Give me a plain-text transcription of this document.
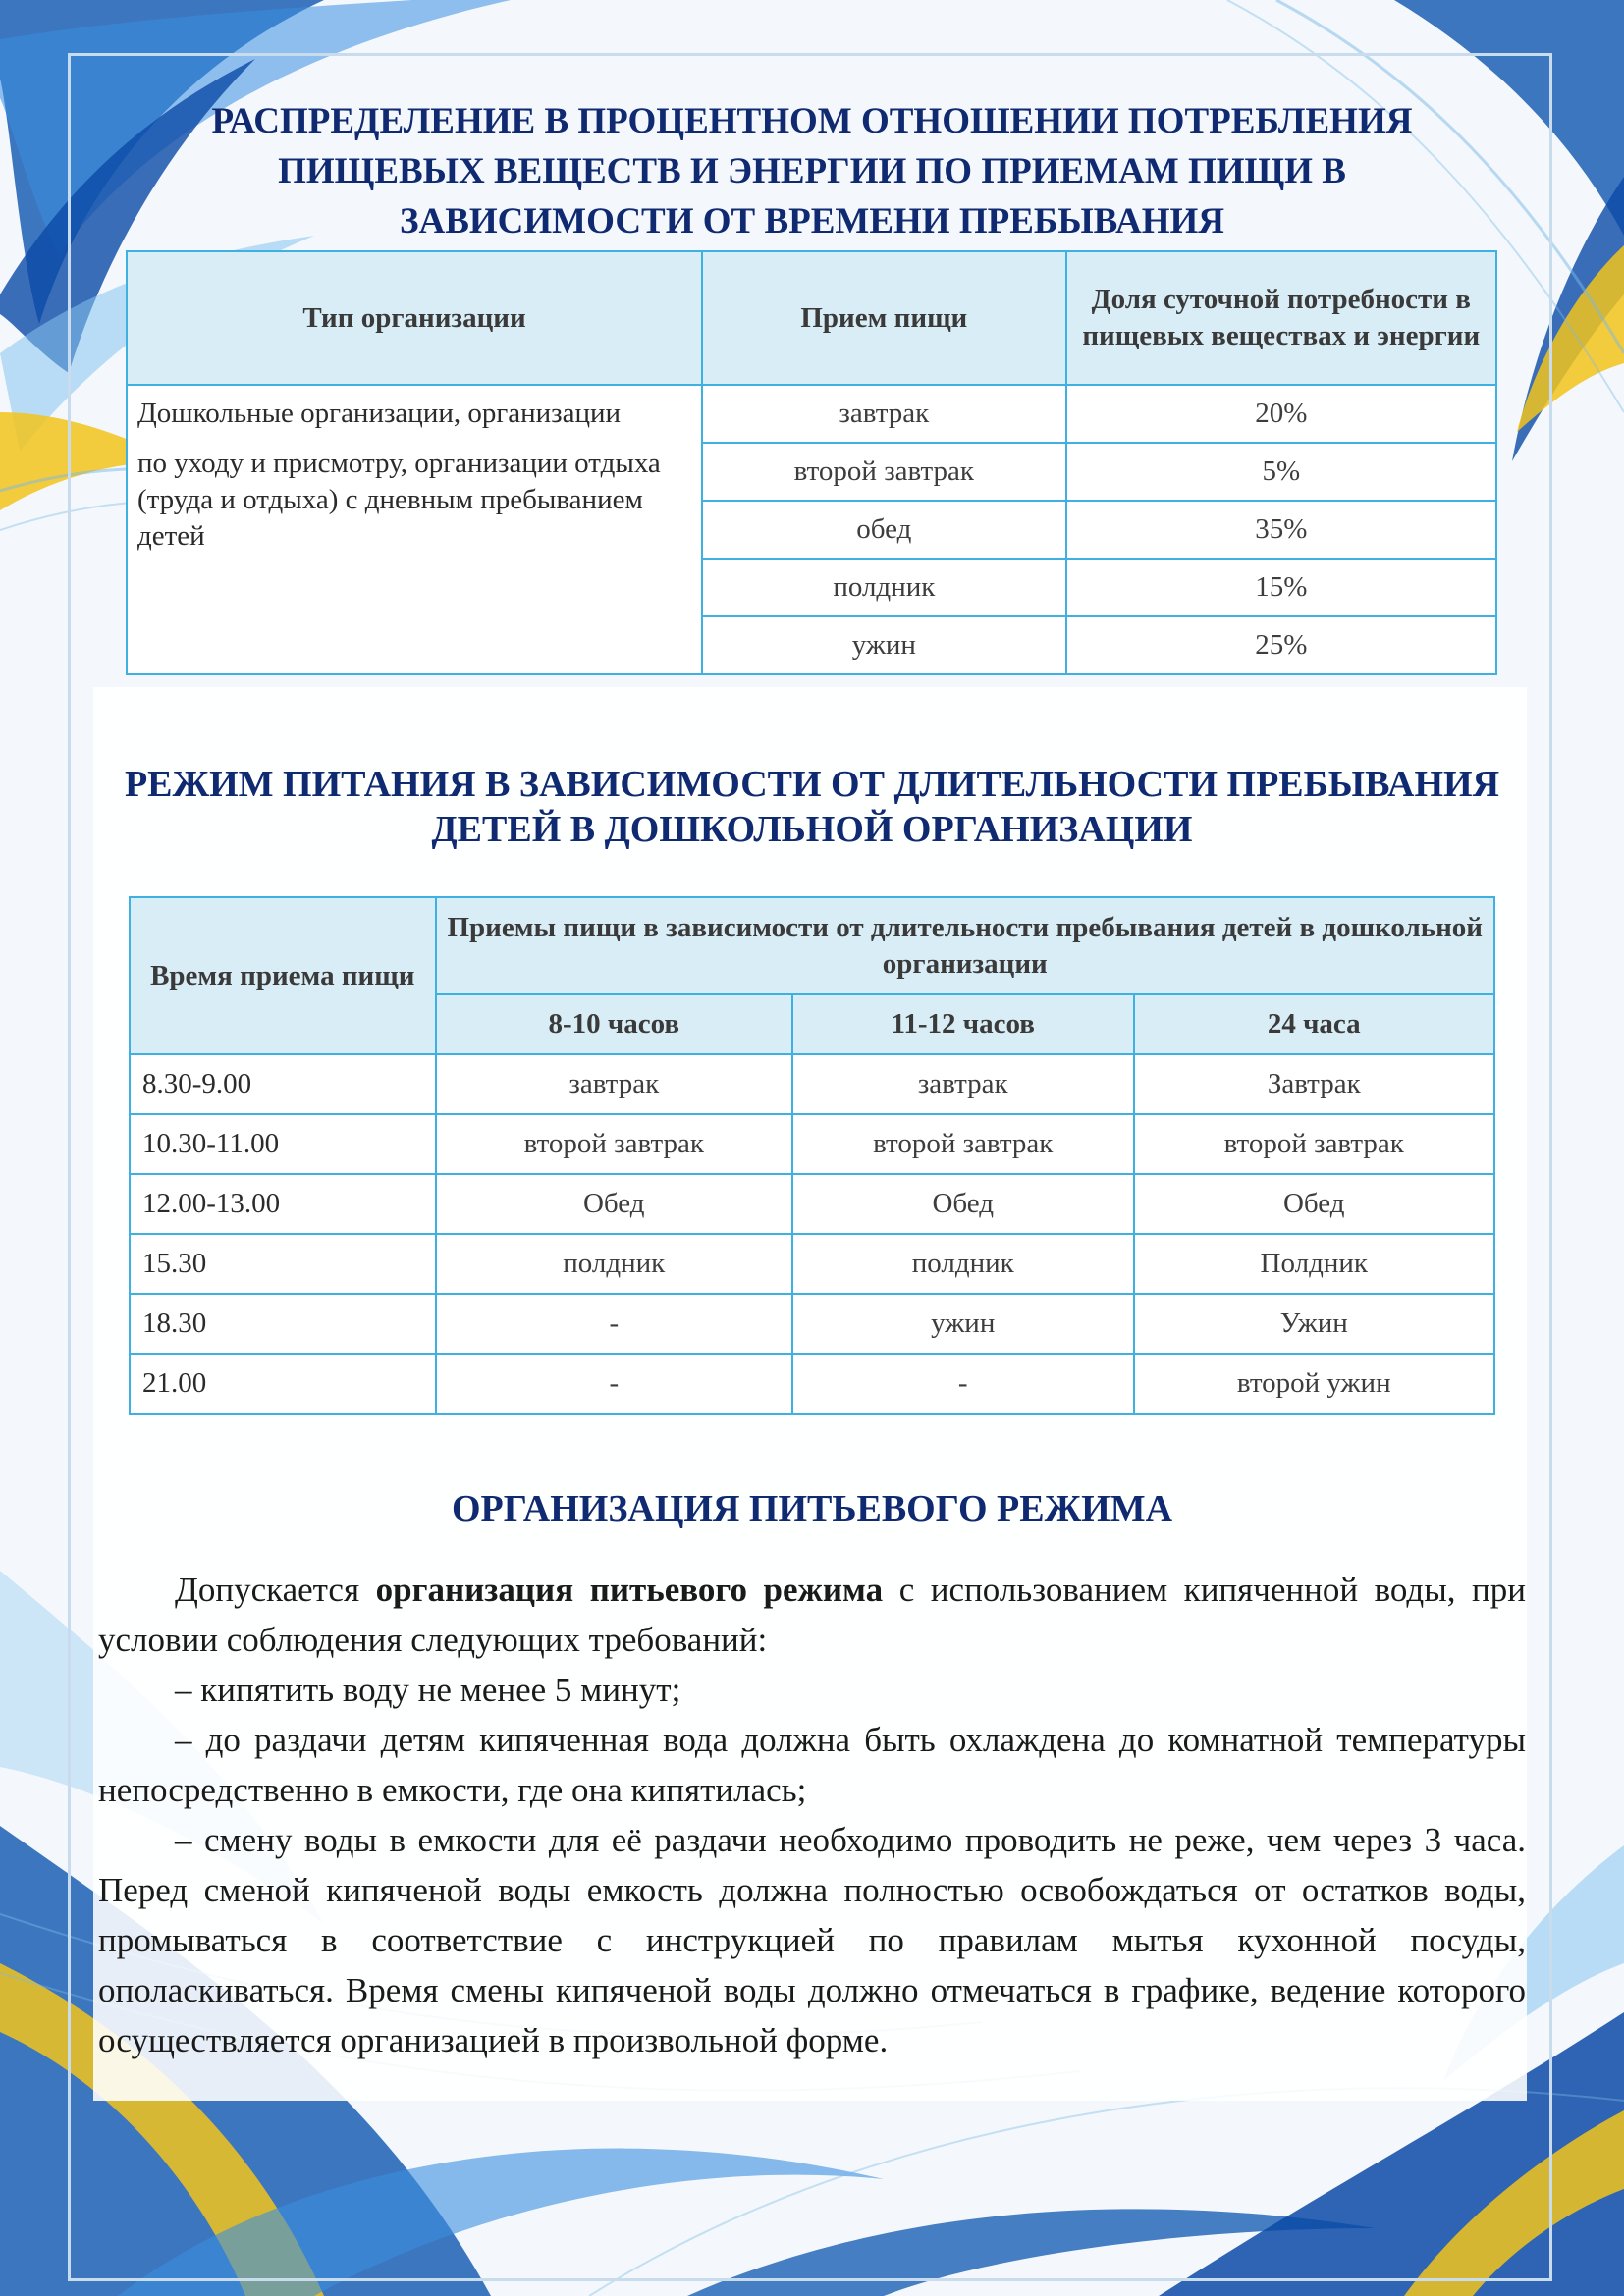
РАСПРЕДЕЛЕНИЕ В ПРОЦЕНТНОМ ОТНОШЕНИИ ПОТРЕБЛЕНИЯ
ПИЩЕВЫХ ВЕЩЕСТВ И ЭНЕРГИИ ПО ПРИЕМАМ ПИЩИ В
ЗАВИСИМОСТИ ОТ ВРЕМЕНИ ПРЕБЫВАНИЯ
Тип организации	Прием пищи	Доля суточной потребности в пищевых веществах и энергии

Дошкольные организации, организации

по уходу и присмотру, организации отдыха (труда и отдыха) с дневным пребыванием детей	завтрак	20%
	второй завтрак	5%
	обед	35%
	полдник	15%
	ужин	25%
РЕЖИМ ПИТАНИЯ В ЗАВИСИМОСТИ ОТ ДЛИТЕЛЬНОСТИ ПРЕБЫВАНИЯ
ДЕТЕЙ В ДОШКОЛЬНОЙ ОРГАНИЗАЦИИ
Время приема пищи	Приемы пищи в зависимости от длительности пребывания детей в дошкольной организации		
	8-10 часов	11-12 часов	24 часа
8.30-9.00	завтрак	завтрак	Завтрак
10.30-11.00	второй завтрак	второй завтрак	второй завтрак
12.00-13.00	Обед	Обед	Обед
15.30	полдник	полдник	Полдник
18.30	-	ужин	Ужин
21.00	-	-	второй ужин
ОРГАНИЗАЦИЯ ПИТЬЕВОГО РЕЖИМА

Допускается организация питьевого режима с использованием кипяченной воды, при условии соблюдения следующих требований:

– кипятить воду не менее 5 минут;

– до раздачи детям кипяченная вода должна быть охлаждена до комнатной температуры непосредственно в емкости, где она кипятилась;

– смену воды в емкости для её раздачи необходимо проводить не реже, чем через 3 часа. Перед сменой кипяченой воды емкость должна полностью освобождаться от остатков воды, промываться в соответствие с инструкцией по правилам мытья кухонной посуды, ополаскиваться. Время смены кипяченой воды должно отмечаться в графике, ведение которого осуществляется организацией в произвольной форме.
